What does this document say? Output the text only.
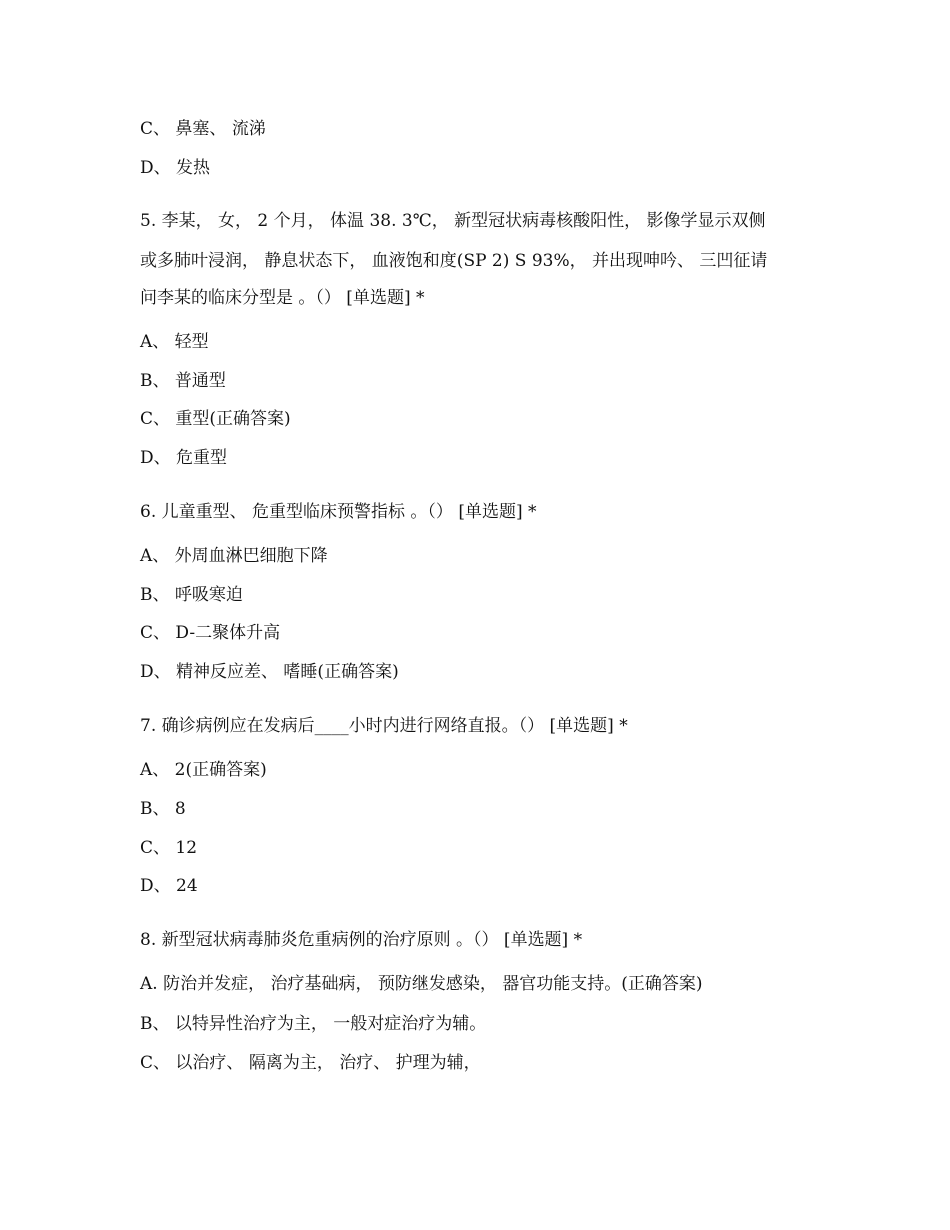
C、 鼻塞、 流涕
D、 发热
5. 李某， 女， 2 个月， 体温 38. 3℃， 新型冠状病毒核酸阳性， 影像学显示双侧
或多肺叶浸润， 静息状态下， 血液饱和度(SP 2) S 93%， 并出现呻吟、 三凹征请
问李某的临床分型是 。（） [单选题] *
A、 轻型
B、 普通型
C、 重型(正确答案)
D、 危重型
6. 儿童重型、 危重型临床预警指标 。（） [单选题] *
A、 外周血淋巴细胞下降
B、 呼吸寒迫
C、 D-二聚体升高
D、 精神反应差、 嗜睡(正确答案)
7. 确诊病例应在发病后____小时内进行网络直报。（） [单选题] *
A、 2(正确答案)
B、 8
C、 12
D、 24
8. 新型冠状病毒肺炎危重病例的治疗原则 。（） [单选题] *
A. 防治并发症， 治疗基础病， 预防继发感染， 器官功能支持。(正确答案)
B、 以特异性治疗为主， 一般对症治疗为辅。
C、 以治疗、 隔离为主， 治疗、 护理为辅，
